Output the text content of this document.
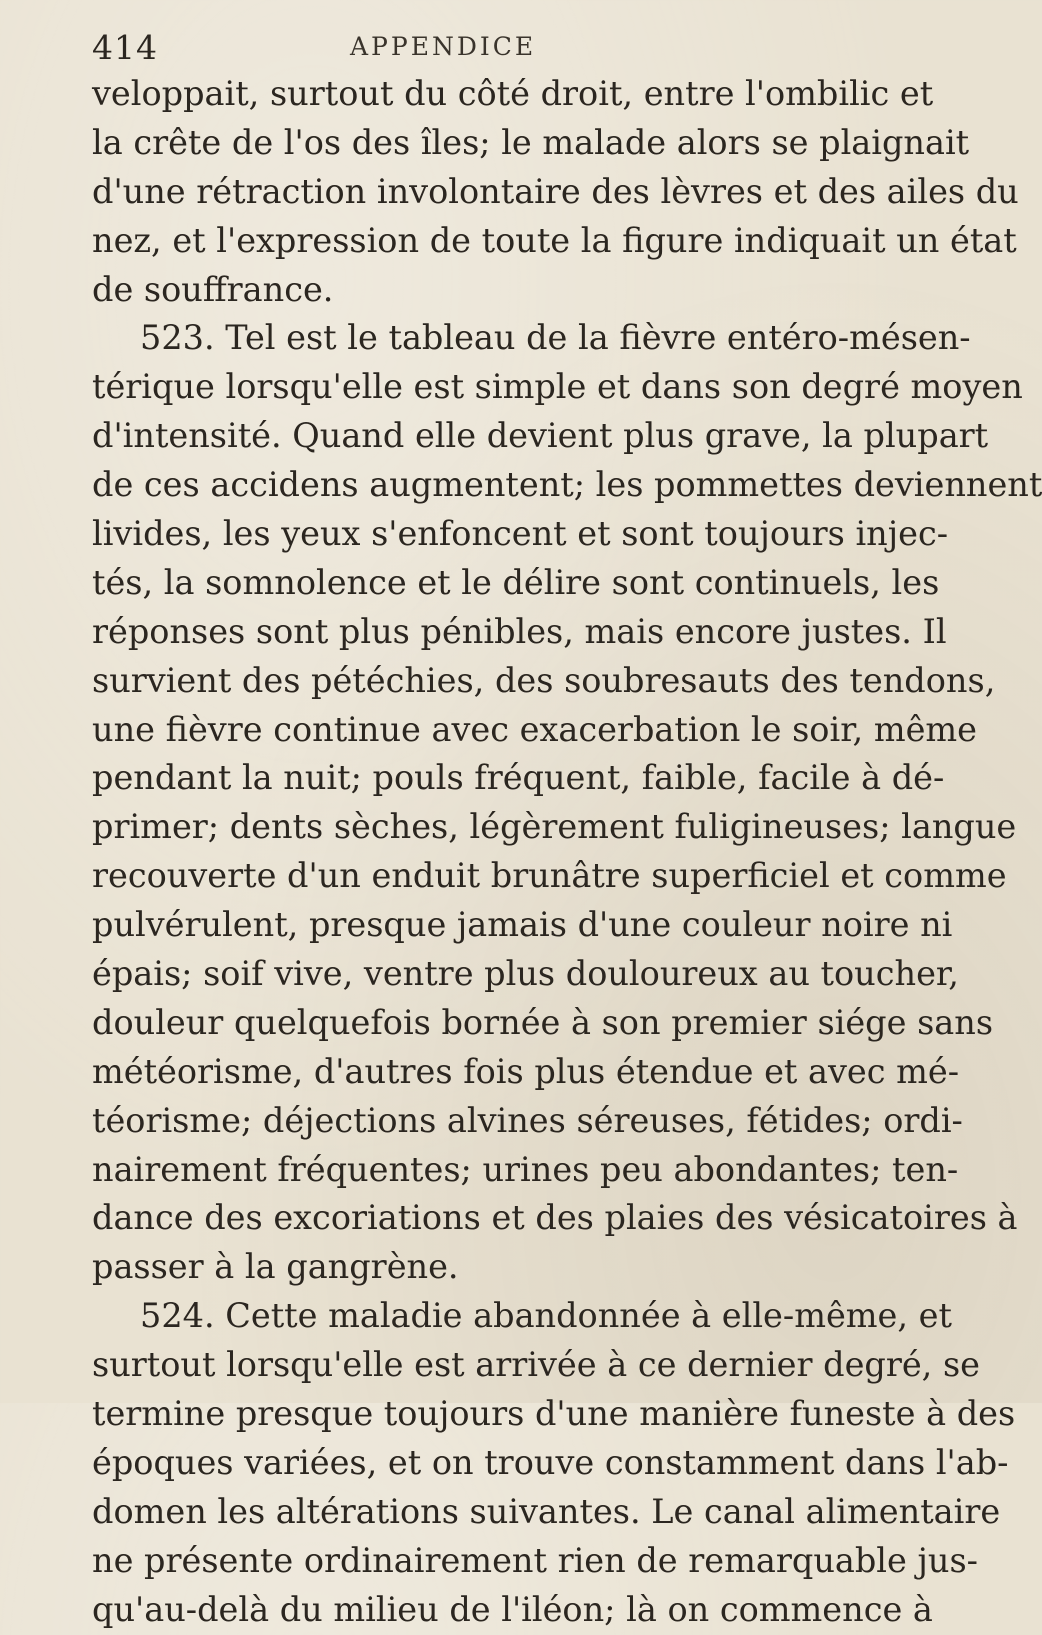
414	APPENDICE
veloppait, surtout du côté droit, entre l'ombilic et
la crête de l'os des îles; le malade alors se plaignait
d'une rétraction involontaire des lèvres et des ailes du
nez, et l'expression de toute la figure indiquait un état
de souffrance.
523. Tel est le tableau de la fièvre entéro-mésen-
térique lorsqu'elle est simple et dans son degré moyen
d'intensité. Quand elle devient plus grave, la plupart
de ces accidens augmentent; les pommettes deviennent
livides, les yeux s'enfoncent et sont toujours injec-
tés, la somnolence et le délire sont continuels, les
réponses sont plus pénibles, mais encore justes. Il
survient des pétéchies, des soubresauts des tendons,
une fièvre continue avec exacerbation le soir, même
pendant la nuit; pouls fréquent, faible, facile à dé-
primer; dents sèches, légèrement fuligineuses; langue
recouverte d'un enduit brunâtre superficiel et comme
pulvérulent, presque jamais d'une couleur noire ni
épais; soif vive, ventre plus douloureux au toucher,
douleur quelquefois bornée à son premier siége sans
météorisme, d'autres fois plus étendue et avec mé-
téorisme; déjections alvines séreuses, fétides; ordi-
nairement fréquentes; urines peu abondantes; ten-
dance des excoriations et des plaies des vésicatoires à
passer à la gangrène.
524. Cette maladie abandonnée à elle-même, et
surtout lorsqu'elle est arrivée à ce dernier degré, se
termine presque toujours d'une manière funeste à des
époques variées, et on trouve constamment dans l'ab-
domen les altérations suivantes. Le canal alimentaire
ne présente ordinairement rien de remarquable jus-
qu'au-delà du milieu de l'iléon; là on commence à
